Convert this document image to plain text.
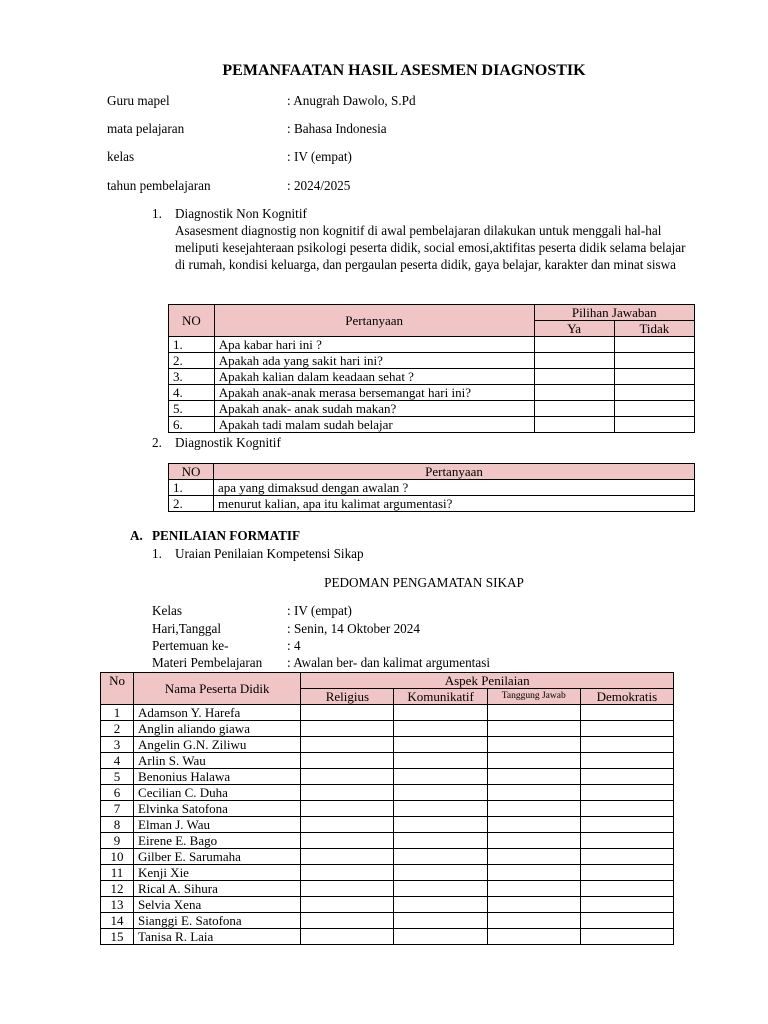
PEMANFAATAN HASIL ASESMEN DIAGNOSTIK
Guru mapel	: Anugrah Dawolo, S.Pd
mata pelajaran	: Bahasa Indonesia
kelas	: IV (empat)
tahun pembelajaran	: 2024/2025
1. Diagnostik Non Kognitif
Asasesment diagnostig non kognitif di awal pembelajaran dilakukan untuk menggali hal-hal meliputi kesejahteraan psikologi peserta didik, social emosi,aktifitas peserta didik selama belajar di rumah, kondisi keluarga, dan pergaulan peserta didik, gaya belajar, karakter dan minat siswa
NO	Pertanyaan	Pilihan Jawaban	
		Ya	Tidak
1.	Apa kabar hari ini ?		
2.	Apakah ada yang sakit hari ini?		
3.	Apakah kalian dalam keadaan sehat ?		
4.	Apakah anak-anak merasa bersemangat hari ini?		
5.	Apakah anak- anak sudah makan?		
6.	Apakah tadi malam sudah belajar		
2. Diagnostik Kognitif
NO	Pertanyaan
1.	apa yang dimaksud dengan awalan ?
2.	menurut kalian, apa itu kalimat argumentasi?
A. PENILAIAN FORMATIF
1. Uraian Penilaian Kompetensi Sikap
PEDOMAN PENGAMATAN SIKAP
Kelas	: IV (empat)
Hari,Tanggal	: Senin, 14 Oktober 2024
Pertemuan ke-	: 4
Materi Pembelajaran : Awalan ber- dan kalimat argumentasi
No	Nama Peserta Didik	Aspek Penilaian			
		Religius	Komunikatif	Tanggung Jawab	Demokratis
1	Adamson Y. Harefa				
2	Anglin aliando giawa				
3	Angelin G.N. Ziliwu				
4	Arlin S. Wau				
5	Benonius Halawa				
6	Cecilian C. Duha				
7	Elvinka Satofona				
8	Elman J. Wau				
9	Eirene E. Bago				
10	Gilber E. Sarumaha				
11	Kenji Xie				
12	Rical A. Sihura				
13	Selvia Xena				
14	Sianggi E. Satofona				
15	Tanisa R. Laia				
